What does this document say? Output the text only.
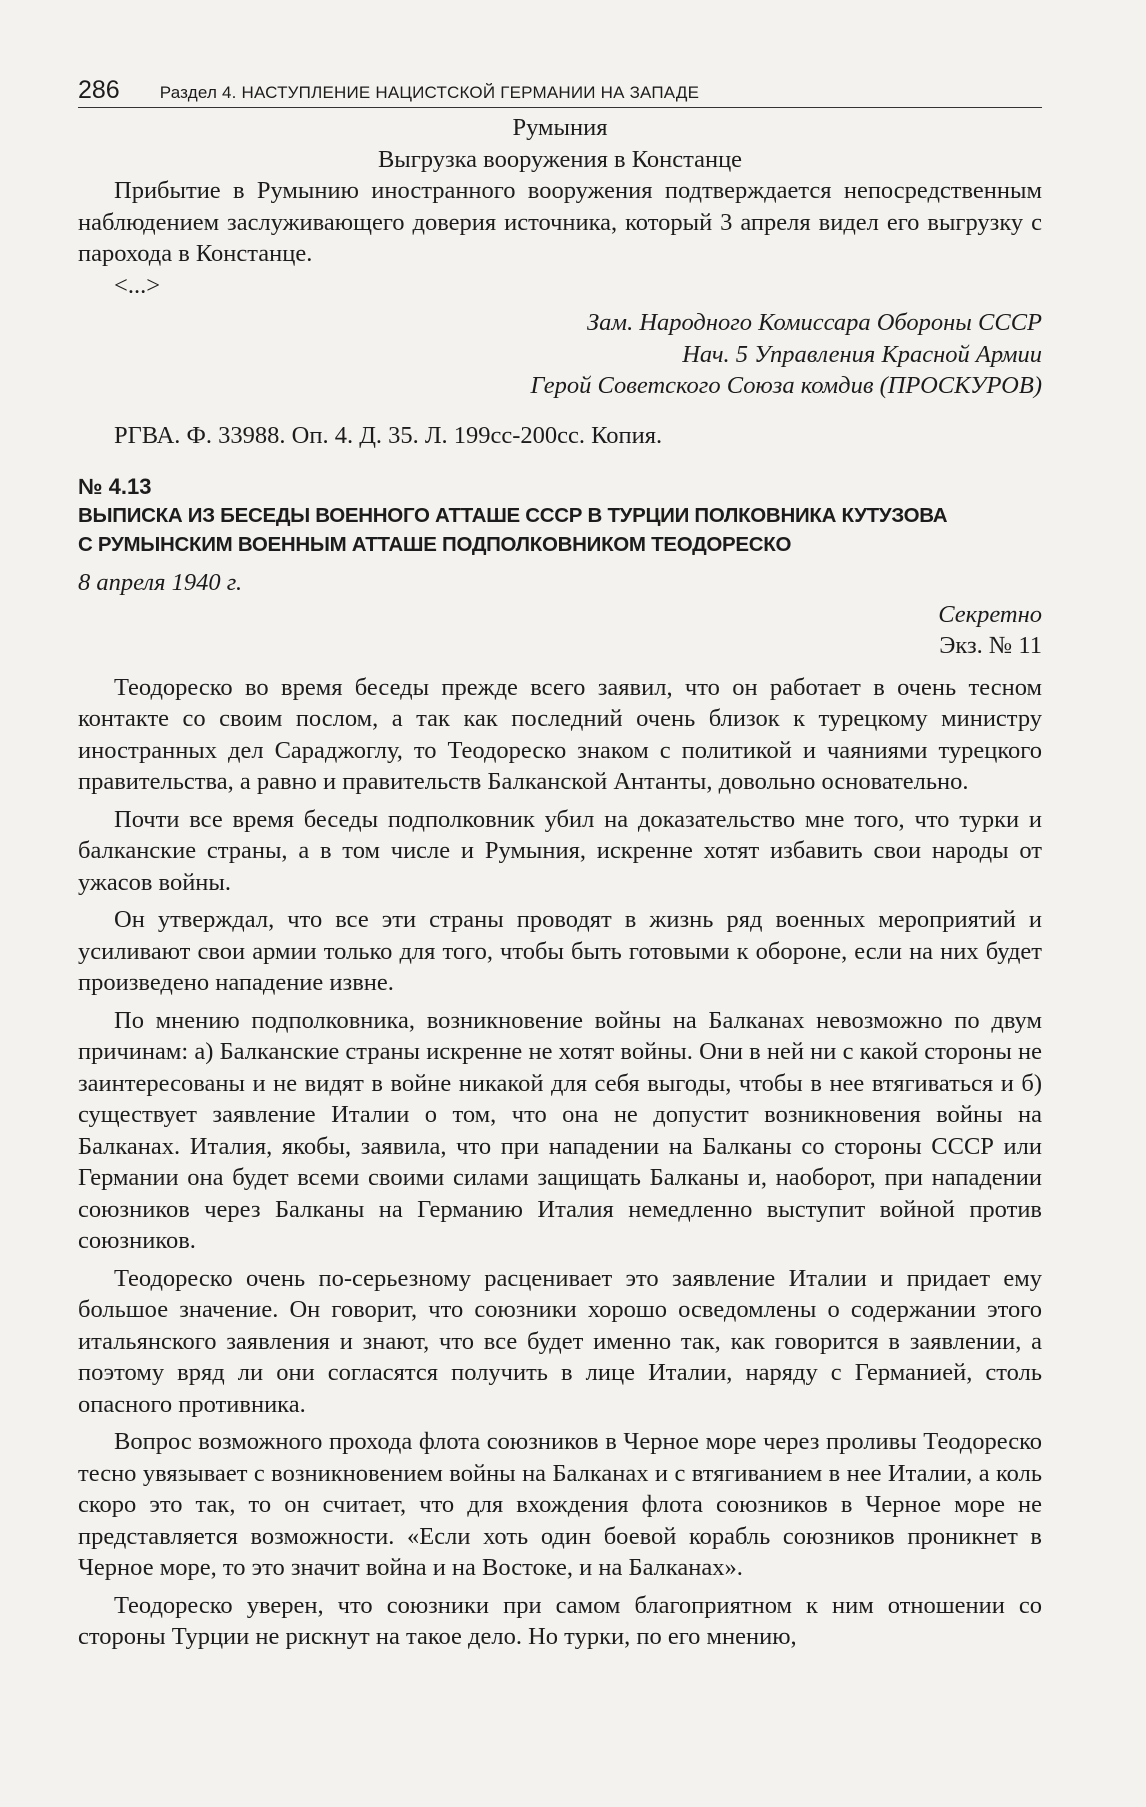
286 Раздел 4. НАСТУПЛЕНИЕ НАЦИСТСКОЙ ГЕРМАНИИ НА ЗАПАДЕ
Румыния
Выгрузка вооружения в Констанце

Прибытие в Румынию иностранного вооружения подтверждается непосредственным наблюдением заслуживающего доверия источника, который 3 апреля видел его выгрузку с парохода в Констанце.

<...>

Зам. Народного Комиссара Обороны СССР

Нач. 5 Управления Красной Армии

Герой Советского Союза комдив (ПРОСКУРОВ)

РГВА. Ф. 33988. Оп. 4. Д. 35. Л. 199сс-200сс. Копия.

№ 4.13
ВЫПИСКА ИЗ БЕСЕДЫ ВОЕННОГО АТТАШЕ СССР В ТУРЦИИ ПОЛКОВНИКА КУТУЗОВА
С РУМЫНСКИМ ВОЕННЫМ АТТАШЕ ПОДПОЛКОВНИКОМ ТЕОДОРЕСКО
8 апреля 1940 г.

Секретно

Экз. № 11

Теодореско во время беседы прежде всего заявил, что он работает в очень тесном контакте со своим послом, а так как последний очень близок к турецкому министру иностранных дел Сараджоглу, то Теодореско знаком с политикой и чаяниями турецкого правительства, а равно и правительств Балканской Антанты, довольно основательно.

Почти все время беседы подполковник убил на доказательство мне того, что турки и балканские страны, а в том числе и Румыния, искренне хотят избавить свои народы от ужасов войны.

Он утверждал, что все эти страны проводят в жизнь ряд военных мероприятий и усиливают свои армии только для того, чтобы быть готовыми к обороне, если на них будет произведено нападение извне.

По мнению подполковника, возникновение войны на Балканах невозможно по двум причинам: а) Балканские страны искренне не хотят войны. Они в ней ни с какой стороны не заинтересованы и не видят в войне никакой для себя выгоды, чтобы в нее втягиваться и б) существует заявление Италии о том, что она не допустит возникновения войны на Балканах. Италия, якобы, заявила, что при нападении на Балканы со стороны СССР или Германии она будет всеми своими силами защищать Балканы и, наоборот, при нападении союзников через Балканы на Германию Италия немедленно выступит войной против союзников.

Теодореско очень по-серьезному расценивает это заявление Италии и придает ему большое значение. Он говорит, что союзники хорошо осведомлены о содержании этого итальянского заявления и знают, что все будет именно так, как говорится в заявлении, а поэтому вряд ли они согласятся получить в лице Италии, наряду с Германией, столь опасного противника.

Вопрос возможного прохода флота союзников в Черное море через проливы Теодореско тесно увязывает с возникновением войны на Балканах и с втягиванием в нее Италии, а коль скоро это так, то он считает, что для вхождения флота союзников в Черное море не представляется возможности. «Если хоть один боевой корабль союзников проникнет в Черное море, то это значит война и на Востоке, и на Балканах».

Теодореско уверен, что союзники при самом благоприятном к ним отношении со стороны Турции не рискнут на такое дело. Но турки, по его мнению,
